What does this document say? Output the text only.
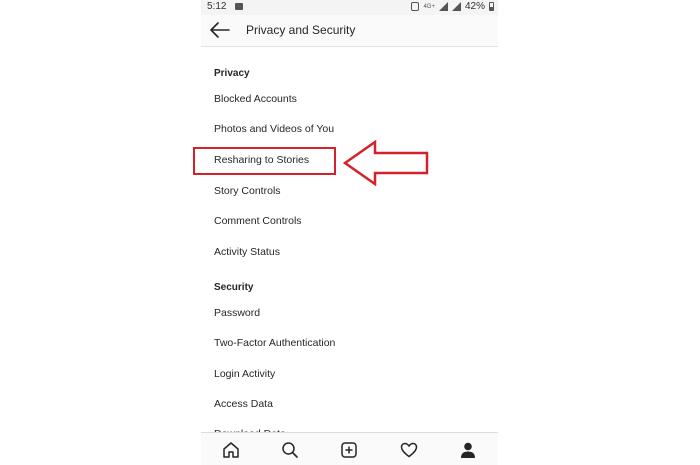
5:12	4G+	42%
Privacy and Security
Privacy
Blocked Accounts
Photos and Videos of You
Resharing to Stories
Story Controls
Comment Controls
Activity Status
Security
Password
Two-Factor Authentication
Login Activity
Access Data
